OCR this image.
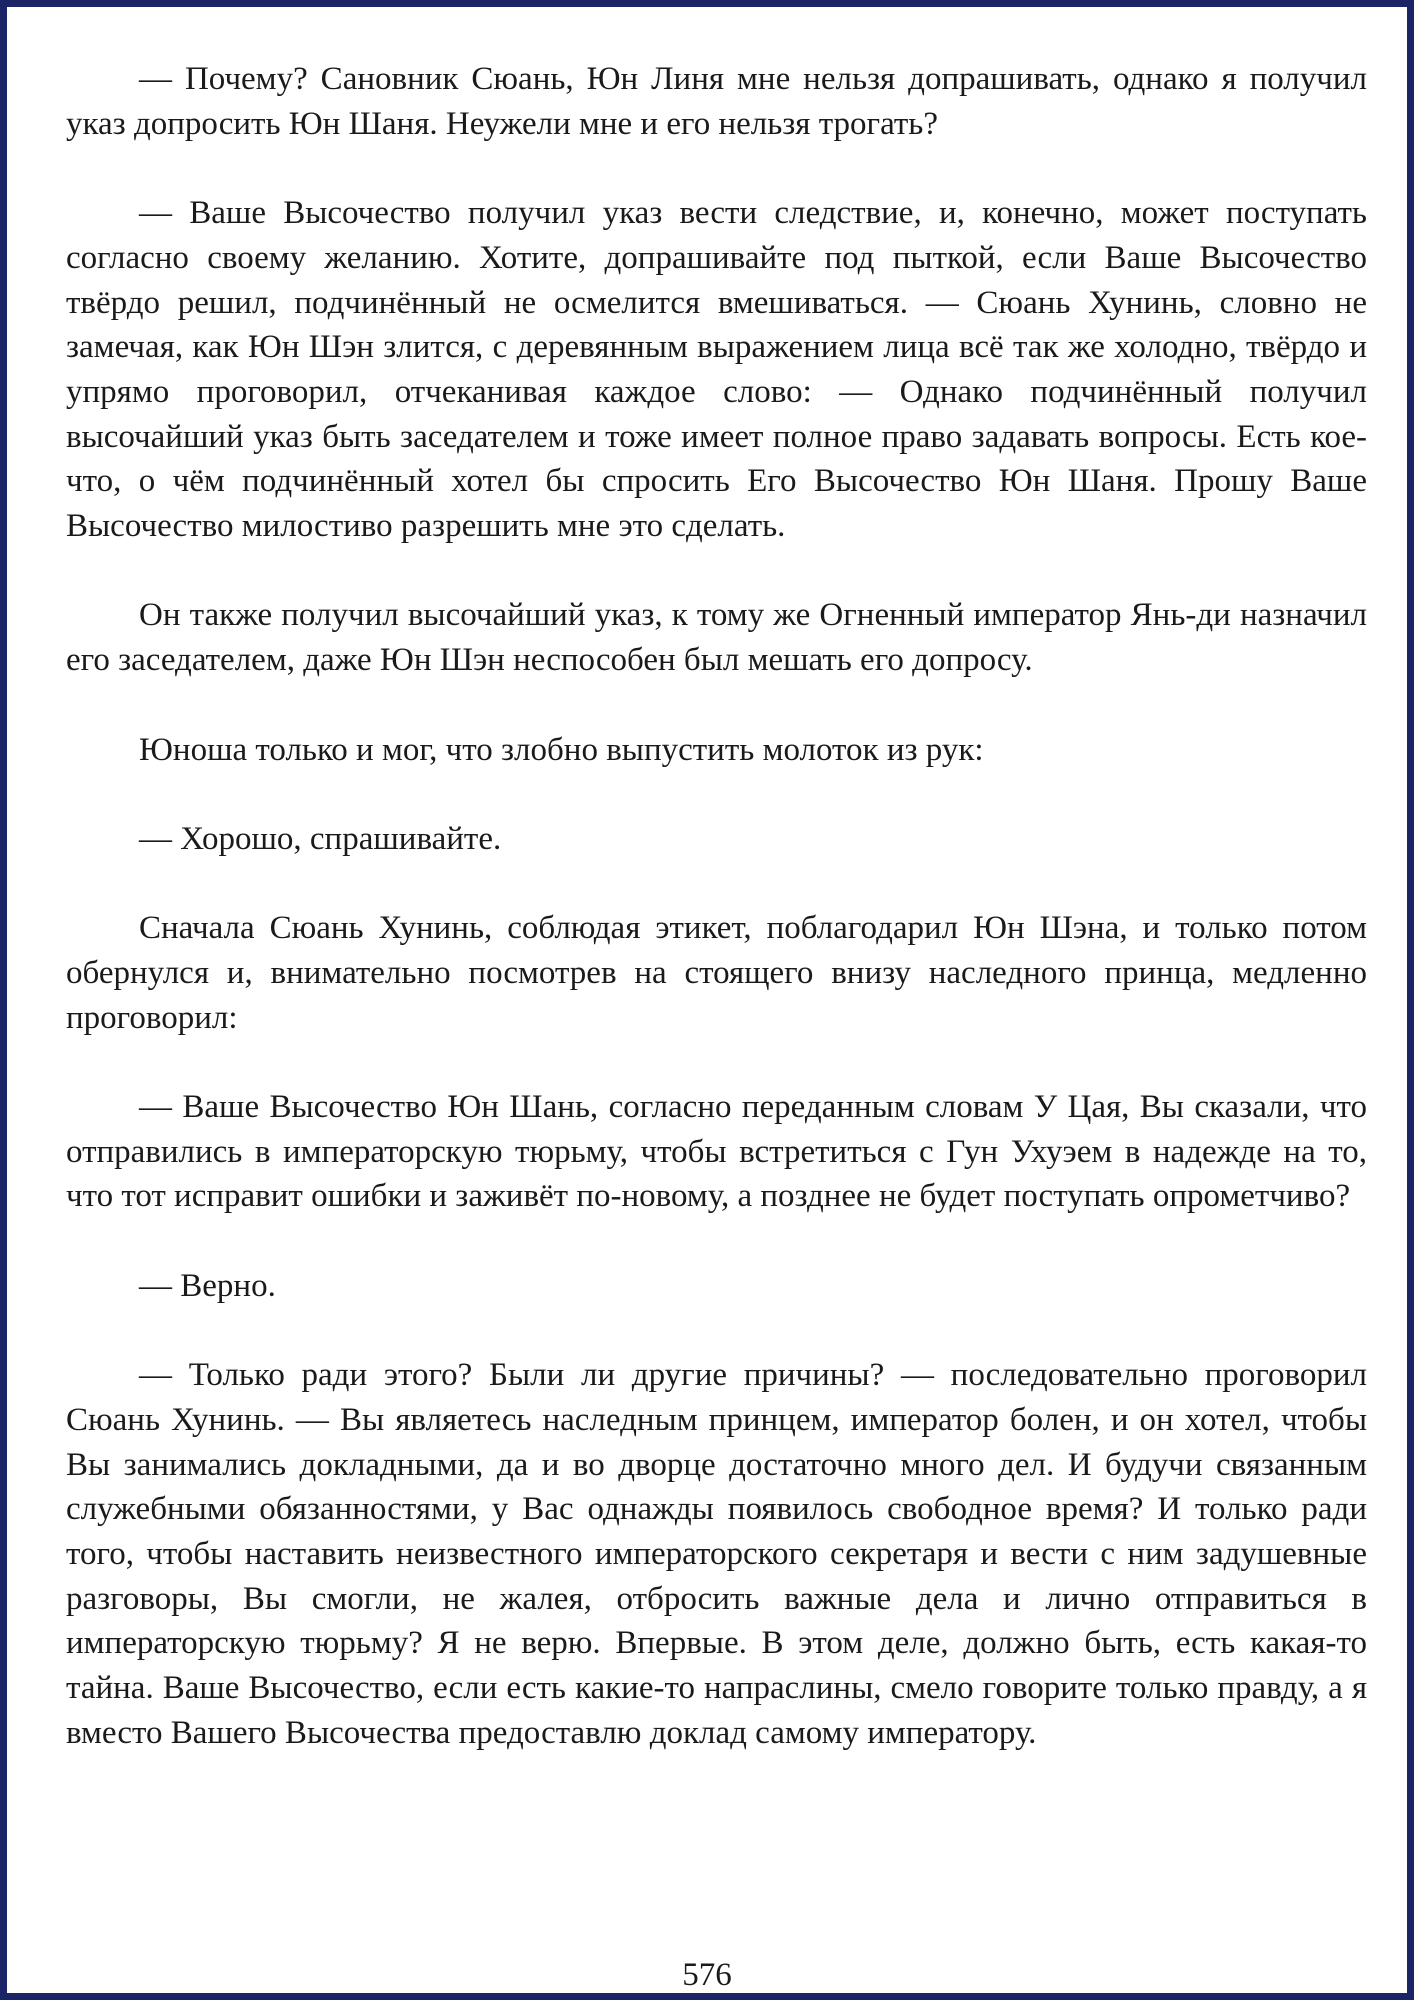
— Почему? Сановник Сюань, Юн Линя мне нельзя допрашивать, однако я получил указ допросить Юн Шаня. Неужели мне и его нельзя трогать?

— Ваше Высочество получил указ вести следствие, и, конечно, может поступать согласно своему желанию. Хотите, допрашивайте под пыткой, если Ваше Высочество твёрдо решил, подчинённый не осмелится вмешиваться. — Сюань Хунинь, словно не замечая, как Юн Шэн злится, с деревянным выражением лица всё так же холодно, твёрдо и упрямо проговорил, отчеканивая каждое слово: — Однако подчинённый получил высочайший указ быть заседателем и тоже имеет полное право задавать вопросы. Есть кое-что, о чём подчинённый хотел бы спросить Его Высочество Юн Шаня. Прошу Ваше Высочество милостиво разрешить мне это сделать.

Он также получил высочайший указ, к тому же Огненный император Янь-ди назначил его заседателем, даже Юн Шэн неспособен был мешать его допросу.

Юноша только и мог, что злобно выпустить молоток из рук:

— Хорошо, спрашивайте.

Сначала Сюань Хунинь, соблюдая этикет, поблагодарил Юн Шэна, и только потом обернулся и, внимательно посмотрев на стоящего внизу наследного принца, медленно проговорил:

— Ваше Высочество Юн Шань, согласно переданным словам У Цая, Вы сказали, что отправились в императорскую тюрьму, чтобы встретиться с Гун Ухуэем в надежде на то, что тот исправит ошибки и заживёт по-новому, а позднее не будет поступать опрометчиво?

— Верно.

— Только ради этого? Были ли другие причины? — последовательно проговорил Сюань Хунинь. — Вы являетесь наследным принцем, император болен, и он хотел, чтобы Вы занимались докладными, да и во дворце достаточно много дел. И будучи связанным служебными обязанностями, у Вас однажды появилось свободное время? И только ради того, чтобы наставить неизвестного императорского секретаря и вести с ним задушевные разговоры, Вы смогли, не жалея, отбросить важные дела и лично отправиться в императорскую тюрьму? Я не верю. Впервые. В этом деле, должно быть, есть какая-то тайна. Ваше Высочество, если есть какие-то напраслины, смело говорите только правду, а я вместо Вашего Высочества предоставлю доклад самому императору.

576
